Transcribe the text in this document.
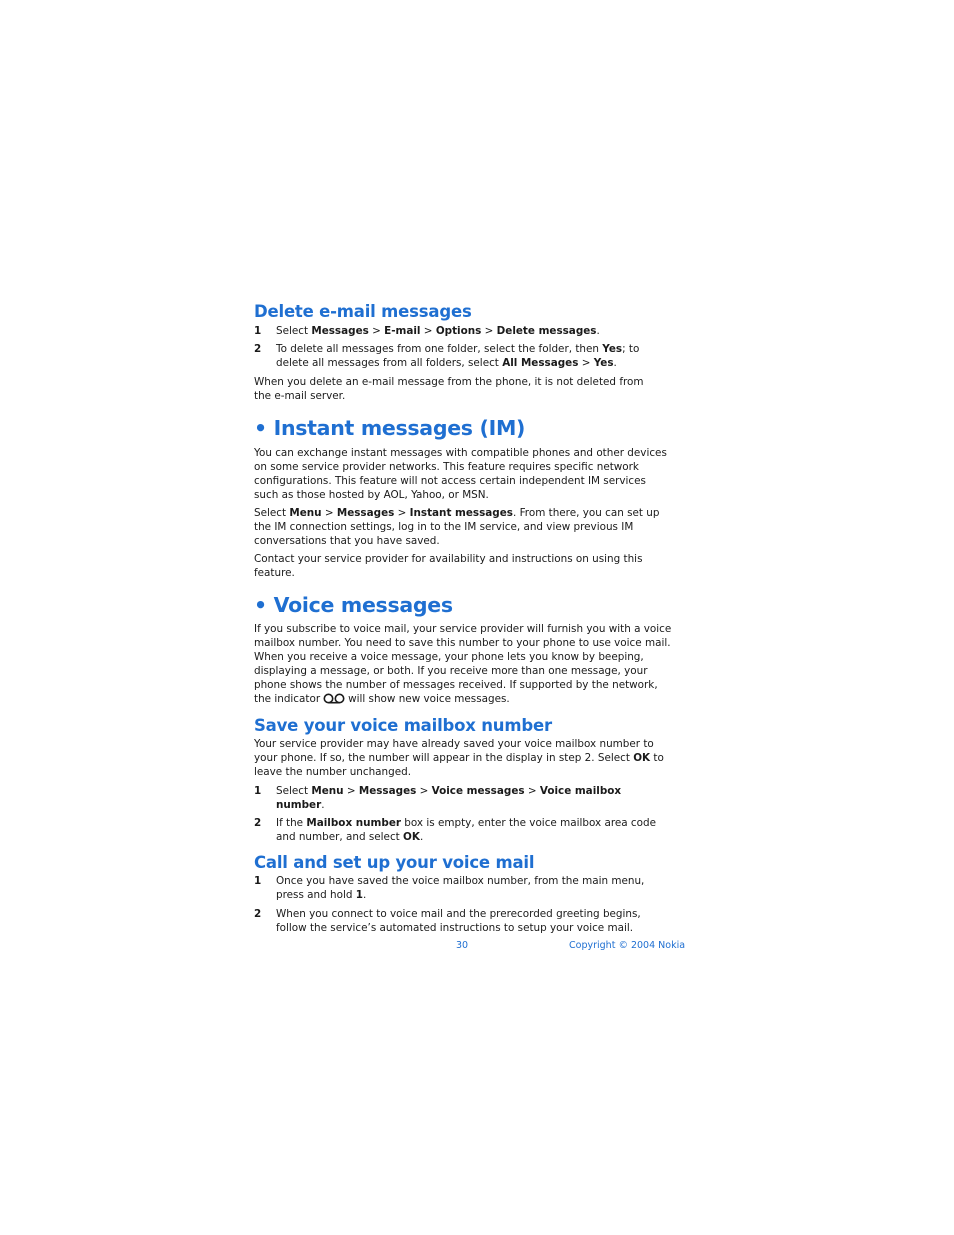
Delete e-mail messages
1	Select Messages > E-mail > Options > Delete messages.
2	To delete all messages from one folder, select the folder, then Yes; to delete all messages from all folders, select All Messages > Yes.

When you delete an e-mail message from the phone, it is not deleted from the e-mail server.

• Instant messages (IM)

You can exchange instant messages with compatible phones and other devices on some service provider networks. This feature requires specific network configurations. This feature will not access certain independent IM services such as those hosted by AOL, Yahoo, or MSN.

Select Menu > Messages > Instant messages. From there, you can set up the IM connection settings, log in to the IM service, and view previous IM conversations that you have saved.

Contact your service provider for availability and instructions on using this feature.

• Voice messages

If you subscribe to voice mail, your service provider will furnish you with a voice mailbox number. You need to save this number to your phone to use voice mail. When you receive a voice message, your phone lets you know by beeping, displaying a message, or both. If you receive more than one message, your phone shows the number of messages received. If supported by the network, the indicator	will show new voice messages.

Save your voice mailbox number

Your service provider may have already saved your voice mailbox number to your phone. If so, the number will appear in the display in step 2. Select OK to leave the number unchanged.

1	Select Menu > Messages > Voice messages > Voice mailbox number.
2	If the Mailbox number box is empty, enter the voice mailbox area code and number, and select OK.
Call and set up your voice mail
1	Once you have saved the voice mailbox number, from the main menu, press and hold 1.
2	When you connect to voice mail and the prerecorded greeting begins, follow the service’s automated instructions to setup your voice mail.
30	Copyright © 2004 Nokia
